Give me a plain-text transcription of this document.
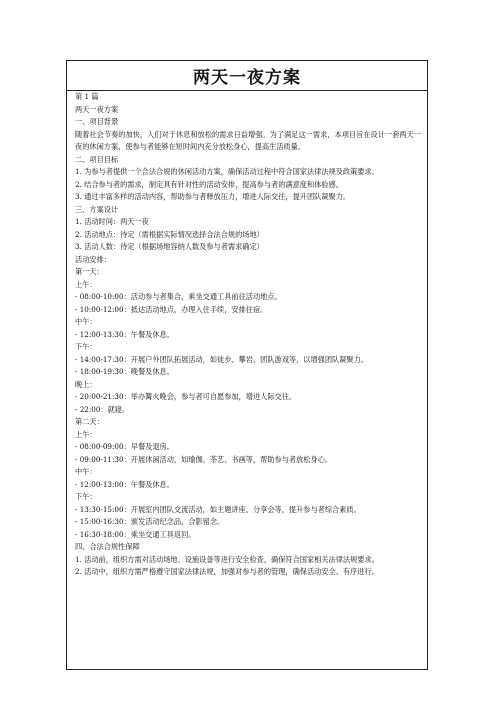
两天一夜方案
第 1 篇
两天一夜方案
一、项目背景
随着社会节奏的加快，人们对于休息和放松的需求日益增强。为了满足这一需求，本项目旨在设计一套两天一夜的休闲方案，使参与者能够在短时间内充分放松身心，提高生活质量。
二、项目目标
1. 为参与者提供一个合法合规的休闲活动方案，确保活动过程中符合国家法律法规及政策要求。
2. 结合参与者的需求，制定具有针对性的活动安排，提高参与者的满意度和体验感。
3. 通过丰富多样的活动内容，帮助参与者释放压力，增进人际交往，提升团队凝聚力。
三、方案设计
1. 活动时间：两天一夜
2. 活动地点：待定（需根据实际情况选择合法合规的场地）
3. 活动人数：待定（根据场地容纳人数及参与者需求确定）
活动安排：
第一天：
上午：
- 08:00-10:00：活动参与者集合，乘坐交通工具前往活动地点。
- 10:00-12:00：抵达活动地点，办理入住手续，安排住宿。
中午：
- 12:00-13:30：午餐及休息。
下午：
- 14:00-17:30：开展户外团队拓展活动，如徒步、攀岩、团队游戏等，以增强团队凝聚力。
- 18:00-19:30：晚餐及休息。
晚上：
- 20:00-21:30：举办篝火晚会，参与者可自愿参加，增进人际交往。
- 22:00：就寝。
第二天：
上午：
- 08:00-09:00：早餐及退房。
- 09:00-11:30：开展休闲活动，如瑜伽、茶艺、书画等，帮助参与者放松身心。
中午：
- 12:00-13:00：午餐及休息。
下午：
- 13:30-15:00：开展室内团队交流活动，如主题讲座、分享会等，提升参与者综合素质。
- 15:00-16:30：颁发活动纪念品，合影留念。
- 16:30-18:00：乘坐交通工具返回。
四、合法合规性保障
1. 活动前，组织方需对活动场地、设施设备等进行安全检查，确保符合国家相关法律法规要求。
2. 活动中，组织方需严格遵守国家法律法规，加强对参与者的管理，确保活动安全、有序进行。
